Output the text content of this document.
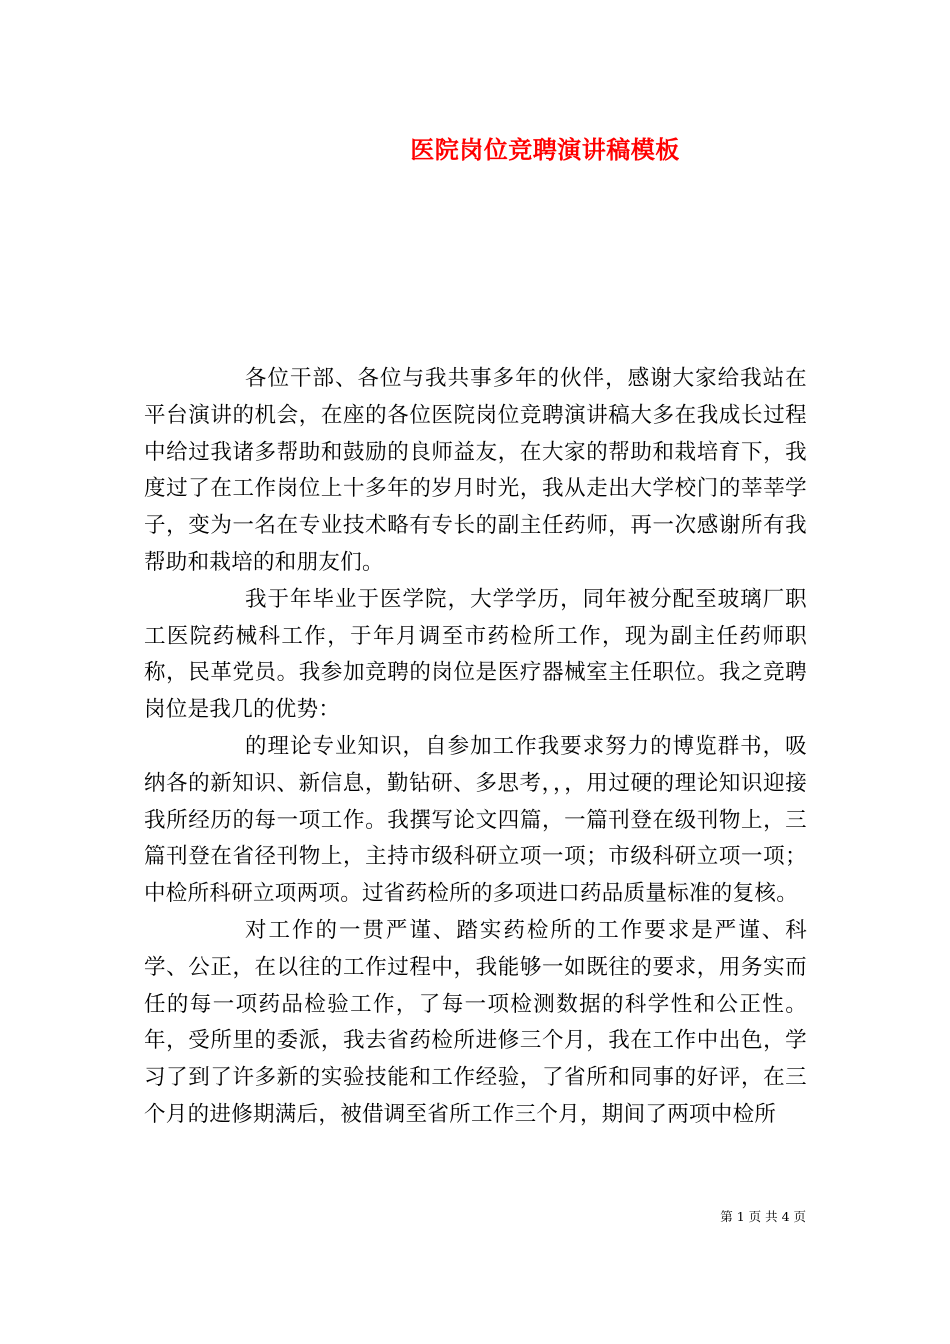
医院岗位竞聘演讲稿模板

各位干部、各位与我共事多年的伙伴，感谢大家给我站在平台演讲的机会，在座的各位医院岗位竞聘演讲稿大多在我成长过程中给过我诸多帮助和鼓励的良师益友，在大家的帮助和栽培育下，我度过了在工作岗位上十多年的岁月时光，我从走出大学校门的莘莘学子，变为一名在专业技术略有专长的副主任药师，再一次感谢所有我帮助和栽培的和朋友们。

我于年毕业于医学院，大学学历，同年被分配至玻璃厂职工医院药械科工作，于年月调至市药检所工作，现为副主任药师职称，民革党员。我参加竞聘的岗位是医疗器械室主任职位。我之竞聘岗位是我几的优势：

的理论专业知识，自参加工作我要求努力的博览群书，吸纳各的新知识、新信息，勤钻研、多思考，，，用过硬的理论知识迎接我所经历的每一项工作。我撰写论文四篇，一篇刊登在级刊物上，三篇刊登在省径刊物上，主持市级科研立项一项；市级科研立项一项；中检所科研立项两项。过省药检所的多项进口药品质量标准的复核。

对工作的一贯严谨、踏实药检所的工作要求是严谨、科学、公正，在以往的工作过程中，我能够一如既往的要求，用务实而任的每一项药品检验工作，了每一项检测数据的科学性和公正性。年，受所里的委派，我去省药检所进修三个月，我在工作中出色，学习了到了许多新的实验技能和工作经验，了省所和同事的好评，在三个月的进修期满后，被借调至省所工作三个月，期间了两项中检所

第 1 页 共 4 页
